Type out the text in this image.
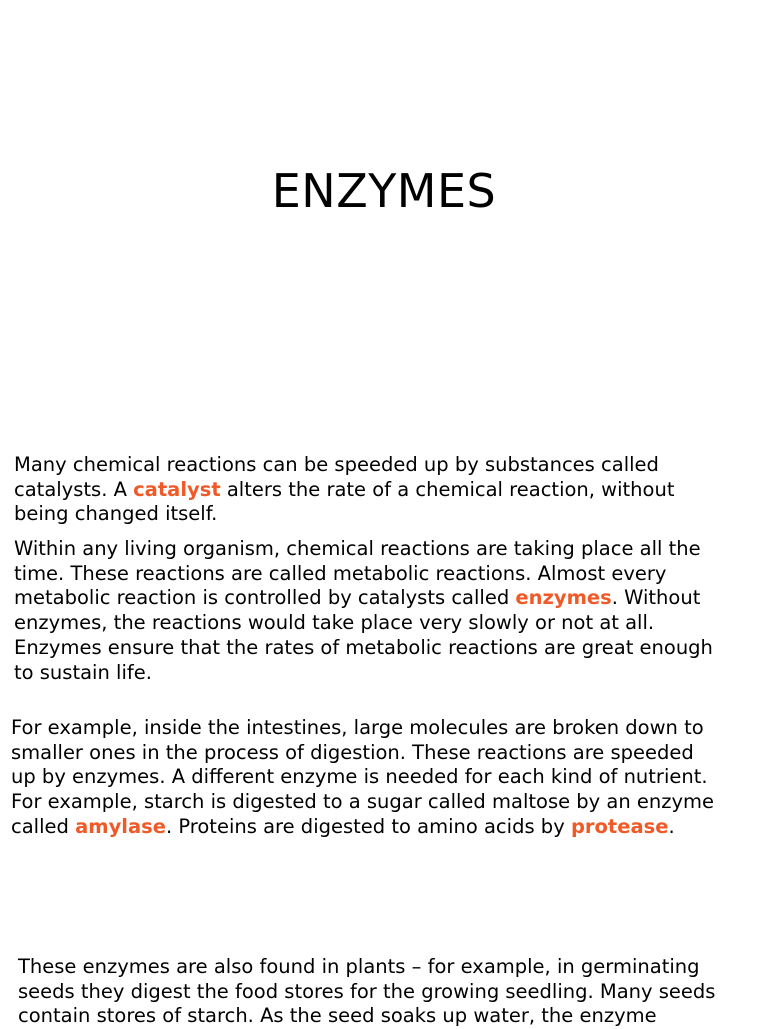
ENZYMES

Many chemical reactions can be speeded up by substances called
catalysts. A catalyst alters the rate of a chemical reaction, without
being changed itself.

Within any living organism, chemical reactions are taking place all the
time. These reactions are called metabolic reactions. Almost every
metabolic reaction is controlled by catalysts called enzymes. Without
enzymes, the reactions would take place very slowly or not at all.
Enzymes ensure that the rates of metabolic reactions are great enough
to sustain life.

For example, inside the intestines, large molecules are broken down to
smaller ones in the process of digestion. These reactions are speeded
up by enzymes. A different enzyme is needed for each kind of nutrient.
For example, starch is digested to a sugar called maltose by an enzyme
called amylase. Proteins are digested to amino acids by protease.

These enzymes are also found in plants – for example, in germinating
seeds they digest the food stores for the growing seedling. Many seeds
contain stores of starch. As the seed soaks up water, the enzyme
